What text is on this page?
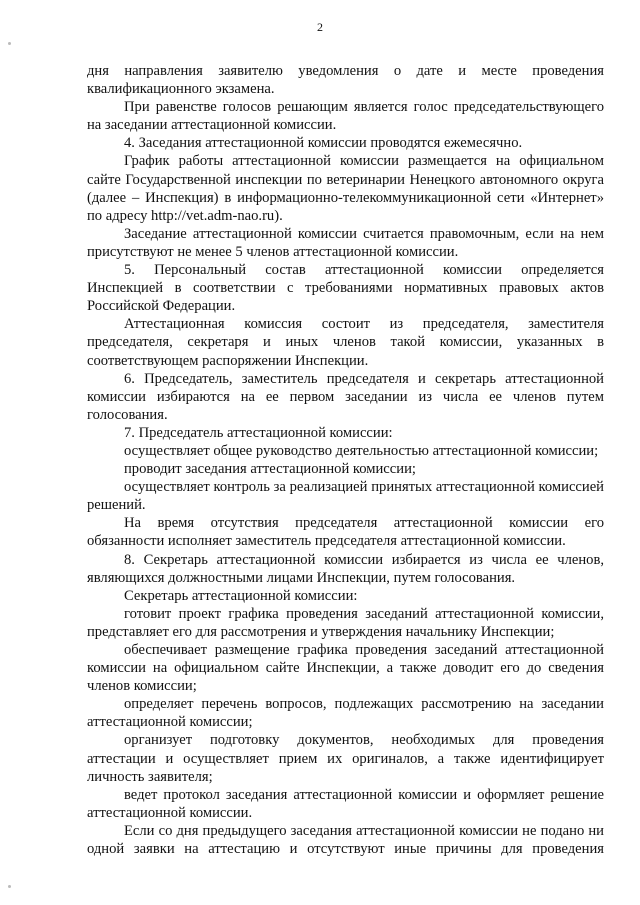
2

дня направления заявителю уведомления о дате и месте проведения квалификационного экзамена.

При равенстве голосов решающим является голос председательствующего на заседании аттестационной комиссии.

4. Заседания аттестационной комиссии проводятся ежемесячно.

График работы аттестационной комиссии размещается на официальном сайте Государственной инспекции по ветеринарии Ненецкого автономного округа (далее – Инспекция) в информационно-телекоммуникационной сети «Интернет» по адресу http://vet.adm-nao.ru).

Заседание аттестационной комиссии считается правомочным, если на нем присутствуют не менее 5 членов аттестационной комиссии.

5. Персональный состав аттестационной комиссии определяется Инспекцией в соответствии с требованиями нормативных правовых актов Российской Федерации.

Аттестационная комиссия состоит из председателя, заместителя председателя, секретаря и иных членов такой комиссии, указанных в соответствующем распоряжении Инспекции.

6. Председатель, заместитель председателя и секретарь аттестационной комиссии избираются на ее первом заседании из числа ее членов путем голосования.

7. Председатель аттестационной комиссии:

осуществляет общее руководство деятельностью аттестационной комиссии;

проводит заседания аттестационной комиссии;

осуществляет контроль за реализацией принятых аттестационной комиссией решений.

На время отсутствия председателя аттестационной комиссии его обязанности исполняет заместитель председателя аттестационной комиссии.

8. Секретарь аттестационной комиссии избирается из числа ее членов, являющихся должностными лицами Инспекции, путем голосования.

Секретарь аттестационной комиссии:

готовит проект графика проведения заседаний аттестационной комиссии, представляет его для рассмотрения и утверждения начальнику Инспекции;

обеспечивает размещение графика проведения заседаний аттестационной комиссии на официальном сайте Инспекции, а также доводит его до сведения членов комиссии;

определяет перечень вопросов, подлежащих рассмотрению на заседании аттестационной комиссии;

организует подготовку документов, необходимых для проведения аттестации и осуществляет прием их оригиналов, а также идентифицирует личность заявителя;

ведет протокол заседания аттестационной комиссии и оформляет решение аттестационной комиссии.

Если со дня предыдущего заседания аттестационной комиссии не подано ни одной заявки на аттестацию и отсутствуют иные причины для проведения
